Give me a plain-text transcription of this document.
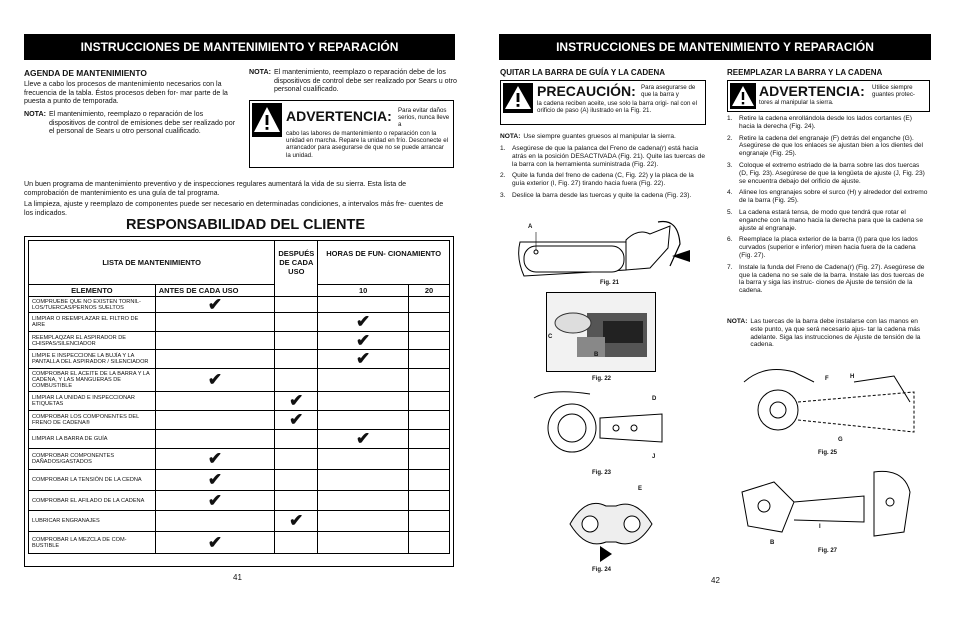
INSTRUCCIONES DE MANTENIMIENTO Y REPARACIÓN
AGENDA DE MANTENIMIENTO
Lleve a cabo los procesos de mantenimiento necesarios con la frecuencia de la tabla. Éstos procesos deben for- mar parte de la puesta a punto de temporada.
NOTA: El mantenimiento, reemplazo o reparación de los dispositivos de control de emisiones debe ser realizado por el personal de Sears u otro personal cualificado.
NOTA: El mantenimiento, reemplazo o reparación debe de los dispositivos de control debe ser realizado por Sears u otro personal cualificado.
ADVERTENCIA: Para evitar daños serios, nunca lleve a
cabo las labores de mantenimiento o reparación con la unidad en marcha. Repare la unidad en frío. Desconecte el arrancador para asegurarse de que no se puede arrancar la unidad.
Un buen programa de mantenimiento preventivo y de inspecciones regulares aumentará la vida de su sierra. Esta lista de comprobación de mantenimiento es una guía de tal programa.
La limpieza, ajuste y reemplazo de componentes puede ser necesario en determinadas condiciones, a intervalos más fre- cuentes de los indicados.
RESPONSABILIDAD DEL CLIENTE
LISTA DE MANTENIMIENTO		DESPUÉS DE CADA USO	HORAS DE FUN- CIONAMIENTO	
ELEMENTO	ANTES DE CADA USO		10	20
COMPRUEBE QUE NO EXISTEN TORNIL- LOS/TUERCAS/PERNOS SUELTOS	✔			
LIMPIAR O REEMPLAZAR EL FILTRO DE AIRE			✔	
REEMPLAQZAR EL ASPIRADOR DE CHISPAS/SILENCIADOR			✔	
LIMPIE E INSPECCIONE LA BUJÍA Y LA PANTALLA DEL ASPIRADOR / SILENCIADOR			✔	
COMPROBAR EL ACEITE DE LA BARRA Y LA CADENA, Y LAS MANGUERAS DE COMBUSTIBLE	✔			
LIMPIAR LA UNIDAD E INSPECCIONAR ETIQUETAS		✔		
COMPROBAR LOS COMPONENTES DEL FRENO DE CADENA®		✔		
LIMPIAR LA BARRA DE GUÍA			✔	
COMPROBAR COMPONENTES DAÑADOS/GASTADOS	✔			
COMPROBAR LA TENSIÓN DE LA CEDNA	✔			
COMPROBAR EL AFILADO DE LA CADENA	✔			
LUBRICAR ENGRANAJES		✔		
COMPROBAR LA MEZCLA DE COM- BUSTIBLE	✔			
41
INSTRUCCIONES DE MANTENIMIENTO Y REPARACIÓN
QUITAR LA BARRA DE GUÍA Y LA CADENA
PRECAUCIÓN: Para asegurarse de que la barra y
la cadena reciben aceite, use solo la barra origi- nal con el orificio de paso (A) ilustrado en la Fig. 21.
NOTA: Use siempre guantes gruesos al manipular la sierra.
1. Asegúrese de que la palanca del Freno de cadena(r) está hacia atrás en la posición DESACTIVADA (Fig. 21). Quite las tuercas de la barra con la herramienta suministrada (Fig. 22).
2. Quite la funda del freno de cadena (C, Fig. 22) y la placa de la guía exterior (I, Fig. 27) tirando hacia fuera (Fig. 22).
3. Deslice la barra desde las tuercas y quite la cadena (Fig. 23).
A
Fig. 21
C
B
Fig. 22
D
J
Fig. 23
E
Fig. 24
REEMPLAZAR LA BARRA Y LA CADENA
ADVERTENCIA: Utilice siempre guantes protec-
tores al manipular la sierra.
1. Retire la cadena enrollándola desde los lados cortantes (E) hacia la derecha (Fig. 24).
2. Retire la cadena del engranaje (F) detrás del enganche (G). Asegúrese de que los enlaces se ajustan bien a los dientes del engranaje (Fig. 25).
3. Coloque el extremo estriado de la barra sobre las dos tuercas (D, Fig. 23). Asegúrese de que la lengüeta de ajuste (J, Fig. 23) se encuentra debajo del orificio de ajuste.
4. Alinee los engranajes sobre el surco (H) y alrededor del extremo de la barra (Fig. 25).
5. La cadena estará tensa, de modo que tendrá que rotar el enganche con la mano hacia la derecha para que la cadena se ajuste al engranaje.
6. Reemplace la placa exterior de la barra (I) para que los lados curvados (superior e inferior) miren hacia fuera de la cadena (Fig. 27).
7. Instale la funda del Freno de Cadena(r) (Fig. 27). Asegúrese de que la cadena no se sale de la barra. Instale las dos tuercas de la barra y siga las instruc- ciones de Ajuste de tensión de la cadena.
NOTA: Las tuercas de la barra debe instalarse con las manos en este punto, ya que será necesario ajus- tar la cadena más adelante. Siga las instrucciones de Ajuste de tensión de la cadena.
F	H
G
Fig. 25
I
B
Fig. 27
42
